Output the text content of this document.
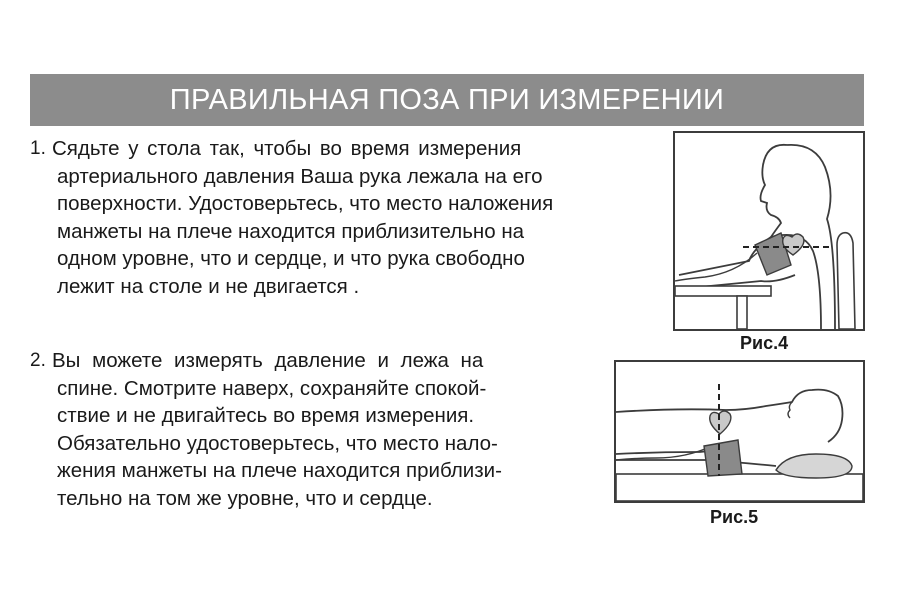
ПРАВИЛЬНАЯ ПОЗА ПРИ ИЗМЕРЕНИИ
1. Сядьте у стола так, чтобы во время измерения
артериального давления Ваша рука лежала на его
поверхности. Удостоверьтесь, что место наложения
манжеты на плече находится приблизительно на
одном уровне, что и сердце, и что рука свободно
лежит на столе и не двигается .
2. Вы можете измерять давление и лежа на
спине. Смотрите наверх, сохраняйте спокой-
ствие и не двигайтесь во время измерения.
Обязательно удостоверьтесь, что место нало-
жения манжеты на плече находится приблизи-
тельно на том же уровне, что и сердце.
Рис.4
Рис.5
